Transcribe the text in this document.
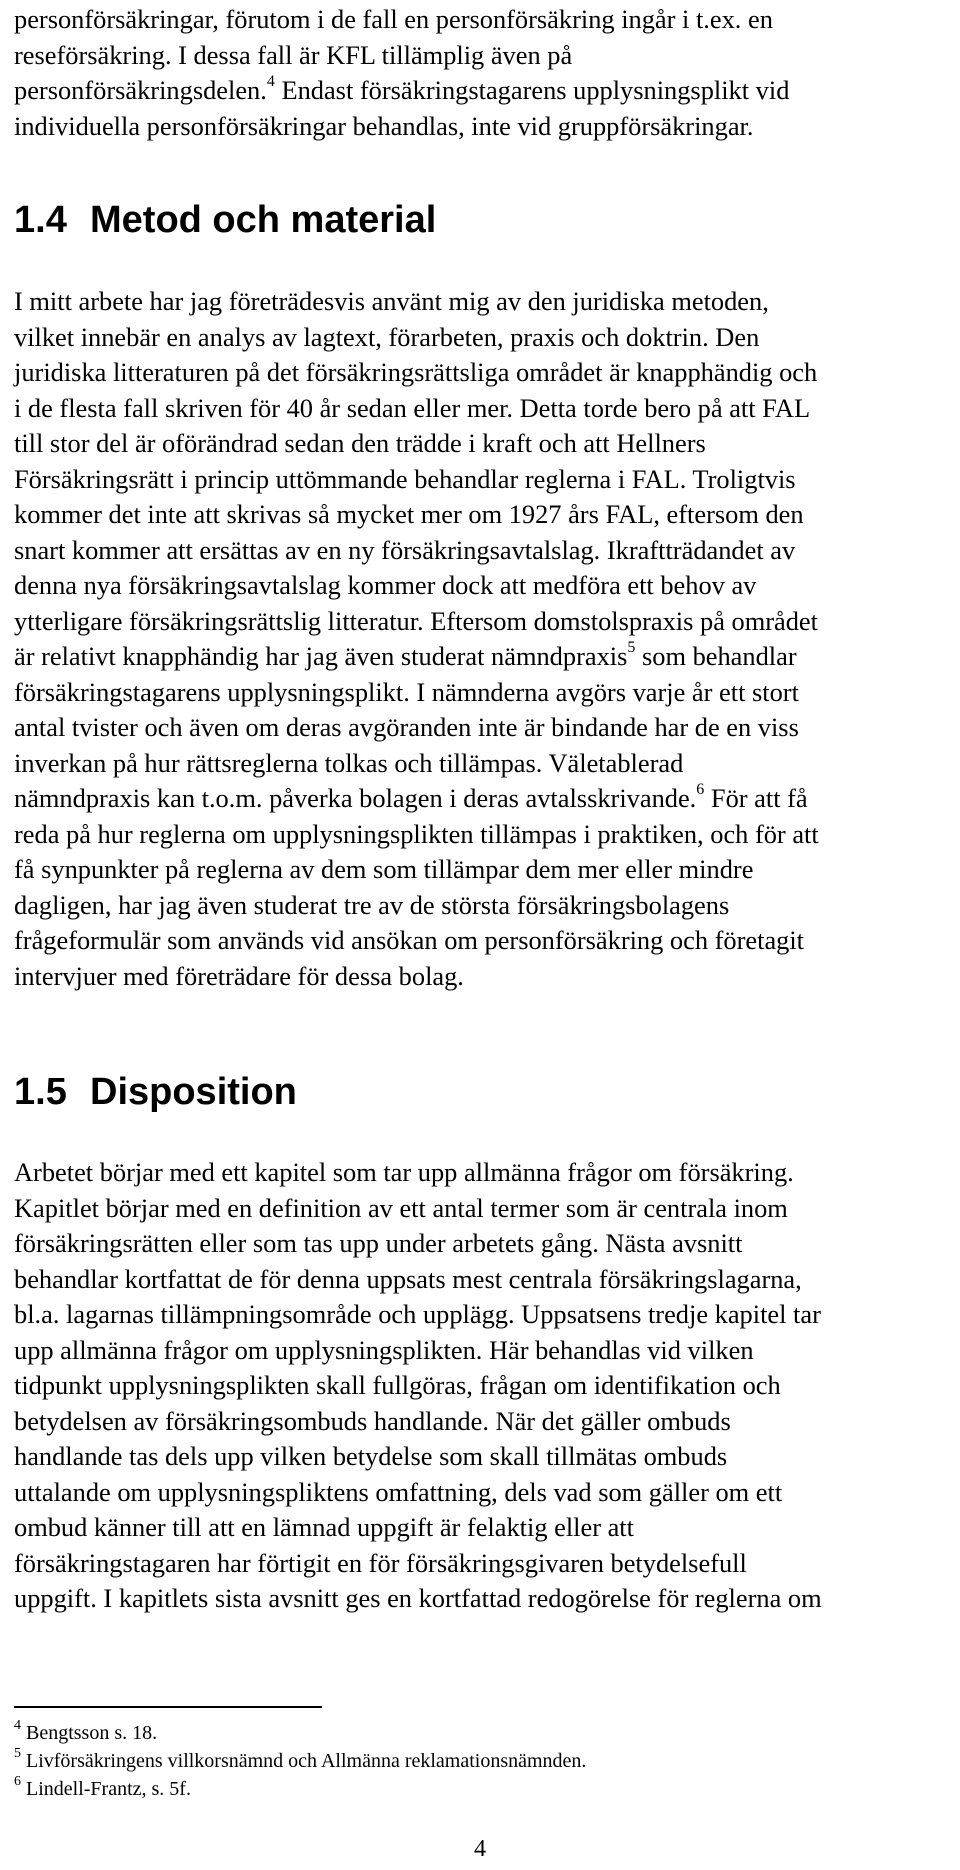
personförsäkringar, förutom i de fall en personförsäkring ingår i t.ex. en
reseförsäkring. I dessa fall är KFL tillämplig även på
personförsäkringsdelen.$^4$ Endast försäkringstagarens upplysningsplikt vid
individuella personförsäkringar behandlas, inte vid gruppförsäkringar.
1.4 Metod och material
I mitt arbete har jag företrädesvis använt mig av den juridiska metoden,
vilket innebär en analys av lagtext, förarbeten, praxis och doktrin. Den
juridiska litteraturen på det försäkringsrättsliga området är knapphändig och
i de flesta fall skriven för 40 år sedan eller mer. Detta torde bero på att FAL
till stor del är oförändrad sedan den trädde i kraft och att Hellners
Försäkringsrätt i princip uttömmande behandlar reglerna i FAL. Troligtvis
kommer det inte att skrivas så mycket mer om 1927 års FAL, eftersom den
snart kommer att ersättas av en ny försäkringsavtalslag. Ikraftträdandet av
denna nya försäkringsavtalslag kommer dock att medföra ett behov av
ytterligare försäkringsrättslig litteratur. Eftersom domstolspraxis på området
är relativt knapphändig har jag även studerat nämndpraxis$^5$ som behandlar
försäkringstagarens upplysningsplikt. I nämnderna avgörs varje år ett stort
antal tvister och även om deras avgöranden inte är bindande har de en viss
inverkan på hur rättsreglerna tolkas och tillämpas. Väletablerad
nämndpraxis kan t.o.m. påverka bolagen i deras avtalsskrivande.$^6$ För att få
reda på hur reglerna om upplysningsplikten tillämpas i praktiken, och för att
få synpunkter på reglerna av dem som tillämpar dem mer eller mindre
dagligen, har jag även studerat tre av de största försäkringsbolagens
frågeformulär som används vid ansökan om personförsäkring och företagit
intervjuer med företrädare för dessa bolag.
1.5 Disposition
Arbetet börjar med ett kapitel som tar upp allmänna frågor om försäkring.
Kapitlet börjar med en definition av ett antal termer som är centrala inom
försäkringsrätten eller som tas upp under arbetets gång. Nästa avsnitt
behandlar kortfattat de för denna uppsats mest centrala försäkringslagarna,
bl.a. lagarnas tillämpningsområde och upplägg. Uppsatsens tredje kapitel tar
upp allmänna frågor om upplysningsplikten. Här behandlas vid vilken
tidpunkt upplysningsplikten skall fullgöras, frågan om identifikation och
betydelsen av försäkringsombuds handlande. När det gäller ombuds
handlande tas dels upp vilken betydelse som skall tillmätas ombuds
uttalande om upplysningspliktens omfattning, dels vad som gäller om ett
ombud känner till att en lämnad uppgift är felaktig eller att
försäkringstagaren har förtigit en för försäkringsgivaren betydelsefull
uppgift. I kapitlets sista avsnitt ges en kortfattad redogörelse för reglerna om
$^4$ Bengtsson s. 18.
$^5$ Livförsäkringens villkorsnämnd och Allmänna reklamationsnämnden.
$^6$ Lindell-Frantz, s. 5f.
4
